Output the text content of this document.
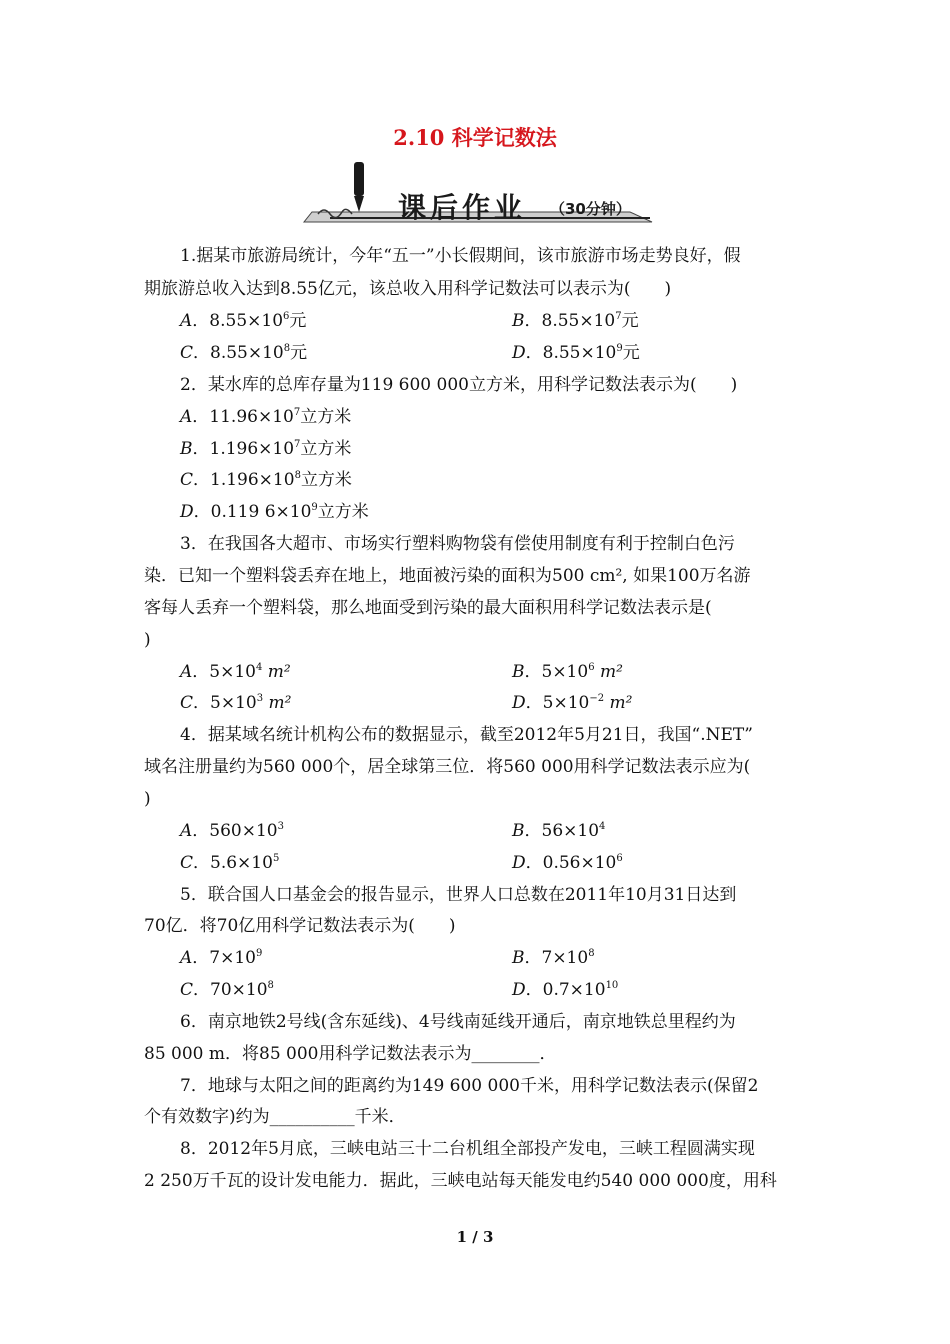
2.10 科学记数法
课后作业 （30分钟）
1.据某市旅游局统计，今年“五一”小长假期间，该市旅游市场走势良好，假
期旅游总收入达到8.55亿元，该总收入用科学记数法可以表示为(　　)
A．$8.55\times 10^6$元	B．$8.55\times 10^7$元
C．$8.55\times 10^8$元	D．$8.55\times 10^9$元
2．某水库的总库存量为119 600 000立方米，用科学记数法表示为(　　)
A．$11.96\times 10^7$立方米
B．$1.196\times 10^7$立方米
C．$1.196\times 10^8$立方米
D．0.119 $6\times 10^9$立方米
3．在我国各大超市、市场实行塑料购物袋有偿使用制度有利于控制白色污
染．已知一个塑料袋丢弃在地上，地面被污染的面积为500 cm², 如果100万名游
客每人丢弃一个塑料袋，那么地面受到污染的最大面积用科学记数法表示是(
)
A．$5\times 10^4$ m²	B．$5\times 10^6$ m²
C．$5\times 10^3$ m²	D．$5\times 10^{-2}$ m²
4．据某域名统计机构公布的数据显示，截至2012年5月21日，我国“.NET”
域名注册量约为560 000个，居全球第三位．将560 000用科学记数法表示应为(
)
A．$560\times 10^3$	B．$56\times 10^4$
C．$5.6\times 10^5$	D．$0.56\times 10^6$
5．联合国人口基金会的报告显示，世界人口总数在2011年10月31日达到
70亿．将70亿用科学记数法表示为(　　)
A．$7\times 10^9$	B．$7\times 10^8$
C．$70\times 10^8$	D．$0.7\times 10^{10}$
6．南京地铁2号线(含东延线)、4号线南延线开通后，南京地铁总里程约为
85 000 m．将85 000用科学记数法表示为________．
7．地球与太阳之间的距离约为149 600 000千米，用科学记数法表示(保留2
个有效数字)约为__________千米．
8．2012年5月底，三峡电站三十二台机组全部投产发电，三峡工程圆满实现
2 250万千瓦的设计发电能力．据此，三峡电站每天能发电约540 000 000度，用科
1 / 3
